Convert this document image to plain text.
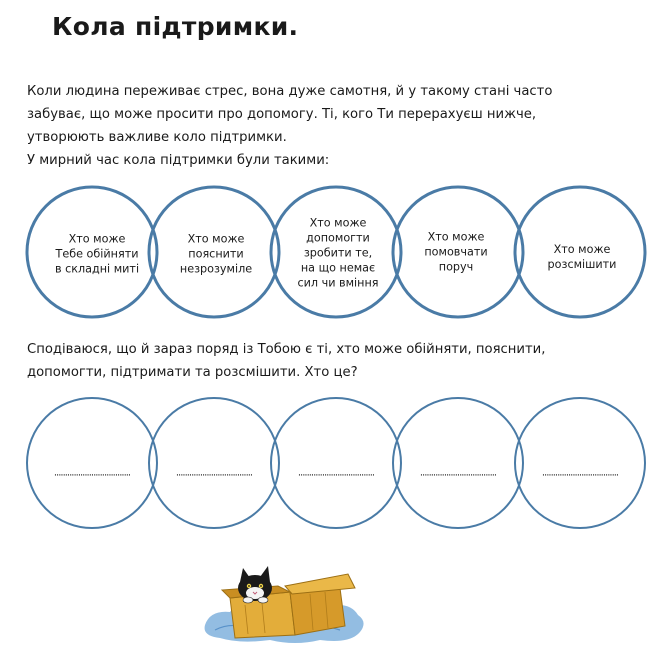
Кола підтримки.

Коли людина переживає стрес, вона дуже самотня, й у такому стані часто

забуває, що може просити про допомогу. Ті, кого Ти перерахуєш нижче,

утворюють важливе коло підтримки.

У мирний час кола підтримки були такими:

Хто може
Тебе обійняти
в складні миті
Хто може
пояснити
незрозуміле
Хто може
допомогти
зробити те,
на що немає
сил чи вміння
Хто може
помовчати
поруч
Хто може
розсмішити

Сподіваюся, що й зараз поряд із Тобою є ті, хто може обійняти, пояснити,

допомогти, підтримати та розсмішити. Хто це?

...................................	...................................	...................................	...................................	...................................
